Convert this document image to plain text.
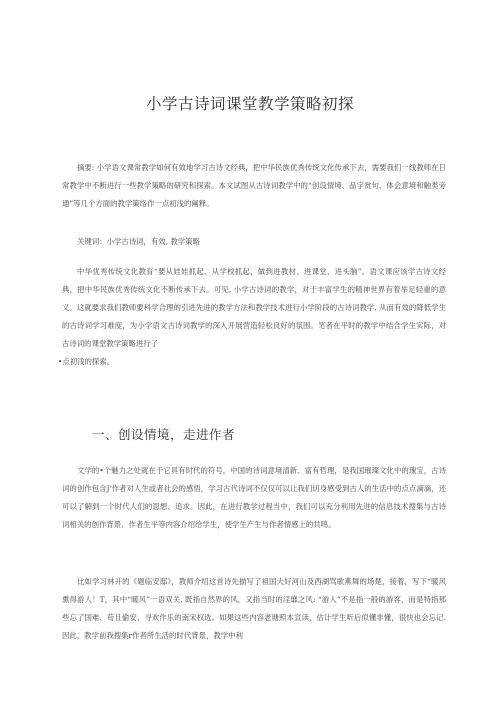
小学古诗词课堂教学策略初探

摘要: 小学语文课常教学如何有效地学习古诗文经典，把中华民族优秀传统文化传承下去，需要我们一线教师在日常教学中不断进行一些教学策略的研究和探索。本文试图从古诗词教学中的“创设情境、品字赏句、体会意境和触类旁通”等几个方面的教学策络作一点初浅的阐释。

关键词：小学古诗词，有效, 教学策略

中华优秀传统文化教育“要从娃娃抓起、从学校抓起，做到进教材、进课堂、进头脑”。语文课应该学古诗文经典，把中华民族优秀传统文化不断传承下去。可见, 小学古诗词的教学，对于丰富学生的精神世界有着举足轻重的意义。这就要求我们教师要科学合理的引进先进的教学方法和教学技术进行小学阶段的古诗词教学, 从而有效的降低学生的古诗词学习难度，为小学语文古诗词教学的深入开展营造轻松良好的氛围。笔者在平时的教学中结合学生实际，对古诗词的课堂教学策略进行了

•点初浅的探索。

一、创设情境，走进作者

文学的•个魅力之处就在于它具有时代的符号，中国的诗词意境清新、富有哲理，是我国璀璨文化中的瑰宝，古诗词的创作包含J'作者对人生或者社会的感悟，学习古代诗词不仅仅可以让我们切身感受到古人的生活中的点点滴滴，还可以了解到一个时代人们的思想、追求。因此，在进行教学过程当中，我们可以充分利用先进的信息技术搜集与古诗词相关的创作背景、作者生平等内容介绍给学生，使学生产生与作者情感上的共鸣。

比如学习林升的《题临安邸》，教师介绍这首诗先描写了祖国大好河山及西湖骂歌燕舞的场楚，接着，写下“暖风熏得游人！T，其中“暖风”一语双关, 既指自然界的风，又指当时的淫靡之风: “游人”不是指一般的游客，而是特指那些忘了国难、苟且偷安、寻欢作乐的南宋权选。如果这些内容老塘照本宣读，估计学生听后似懂非懂，很快也会忘记. 因此，教学前我搜集r作者所生活的时代背景，教学中利
